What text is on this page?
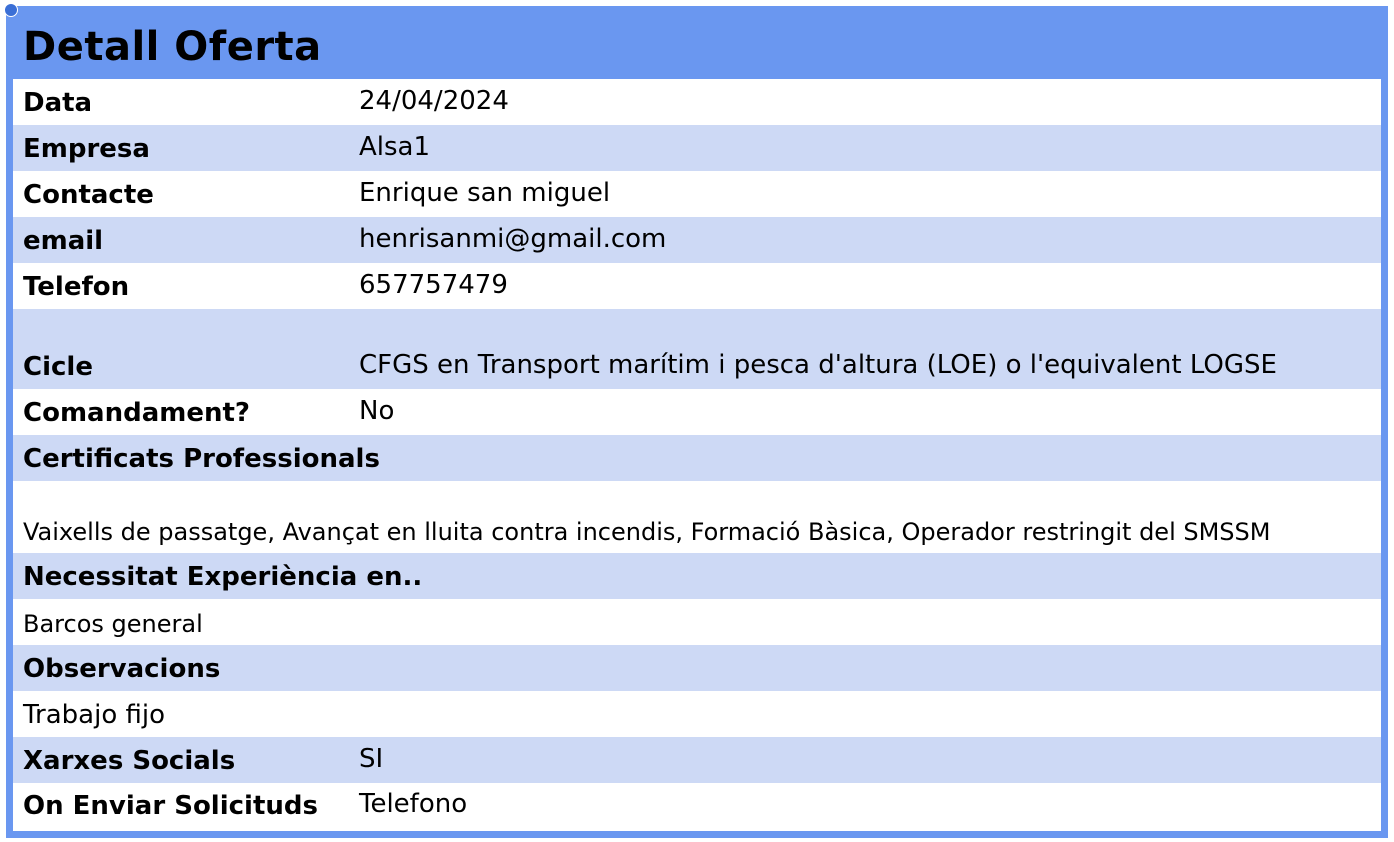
Detall Oferta
Data	24/04/2024
Empresa	Alsa1
Contacte	Enrique san miguel
email	henrisanmi@gmail.com
Telefon	657757479
Cicle	CFGS en Transport marítim i pesca d'altura (LOE) o l'equivalent LOGSE
Comandament?	No
Certificats Professionals
Vaixells de passatge, Avançat en lluita contra incendis, Formació Bàsica, Operador restringit del SMSSM
Necessitat Experiència en..
Barcos general
Observacions
Trabajo fijo
Xarxes Socials	SI
On Enviar Solicituds	Telefono
